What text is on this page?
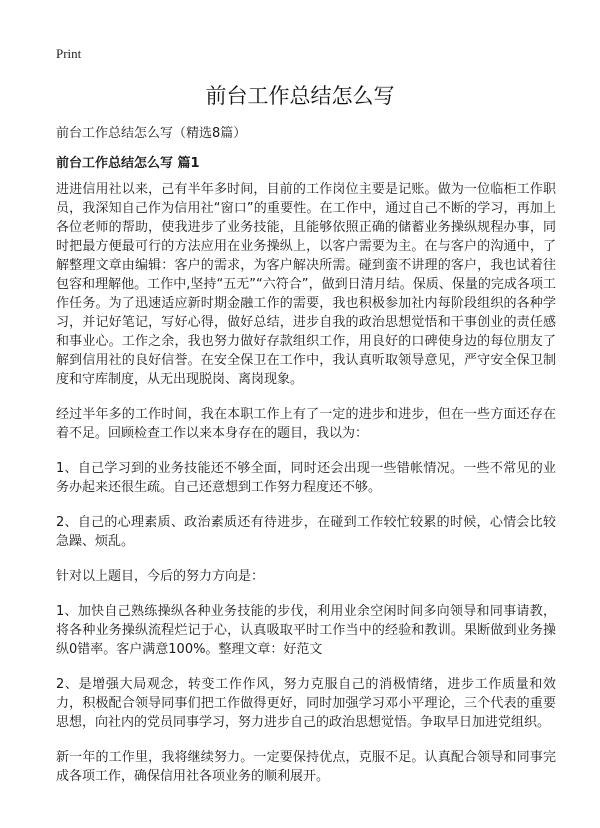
Print
前台工作总结怎么写

前台工作总结怎么写（精选8篇）

前台工作总结怎么写 篇1

进进信用社以来，己有半年多时间，目前的工作岗位主要是记账。做为一位临柜工作职员，我深知自己作为信用社“窗口”的重要性。在工作中，通过自己不断的学习，再加上各位老师的帮助，使我进步了业务技能，且能够依照正确的储蓄业务操纵规程办事，同时把最方便最可行的方法应用在业务操纵上，以客户需要为主。在与客户的沟通中，了解整理文章由编辑：客户的需求，为客户解决所需。碰到蛮不讲理的客户，我也试着往包容和理解他。工作中,坚持“五无”“六符合”，做到日清月结。保质、保量的完成各项工作任务。为了迅速适应新时期金融工作的需要，我也积极参加社内每阶段组织的各种学习，并记好笔记，写好心得，做好总结，进步自我的政治思想觉悟和干事创业的责任感和事业心。工作之余，我也努力做好存款组织工作，用良好的口碑使身边的每位朋友了解到信用社的良好信誉。在安全保卫在工作中，我认真听取领导意见，严守安全保卫制度和守库制度，从无出现脱岗、离岗现象。

经过半年多的工作时间，我在本职工作上有了一定的进步和进步，但在一些方面还存在着不足。回顾检查工作以来本身存在的题目，我以为：

1、自己学习到的业务技能还不够全面，同时还会出现一些错帐情况。一些不常见的业务办起来还很生疏。自己还意想到工作努力程度还不够。

2、自己的心理素质、政治素质还有待进步，在碰到工作较忙较累的时候，心情会比较急躁、烦乱。

针对以上题目，今后的努力方向是：

1、加快自己熟练操纵各种业务技能的步伐，利用业余空闲时间多向领导和同事请教，将各种业务操纵流程烂记于心，认真吸取平时工作当中的经验和教训。果断做到业务操纵0错率。客户满意100%。整理文章：好范文

2、是增强大局观念，转变工作作风，努力克服自己的消极情绪，进步工作质量和效力，积极配合领导同事们把工作做得更好，同时加强学习邓小平理论，三个代表的重要思想，向社内的党员同事学习，努力进步自己的政治思想觉悟。争取早日加进党组织。

新一年的工作里，我将继续努力。一定要保持优点，克服不足。认真配合领导和同事完成各项工作，确保信用社各项业务的顺利展开。
